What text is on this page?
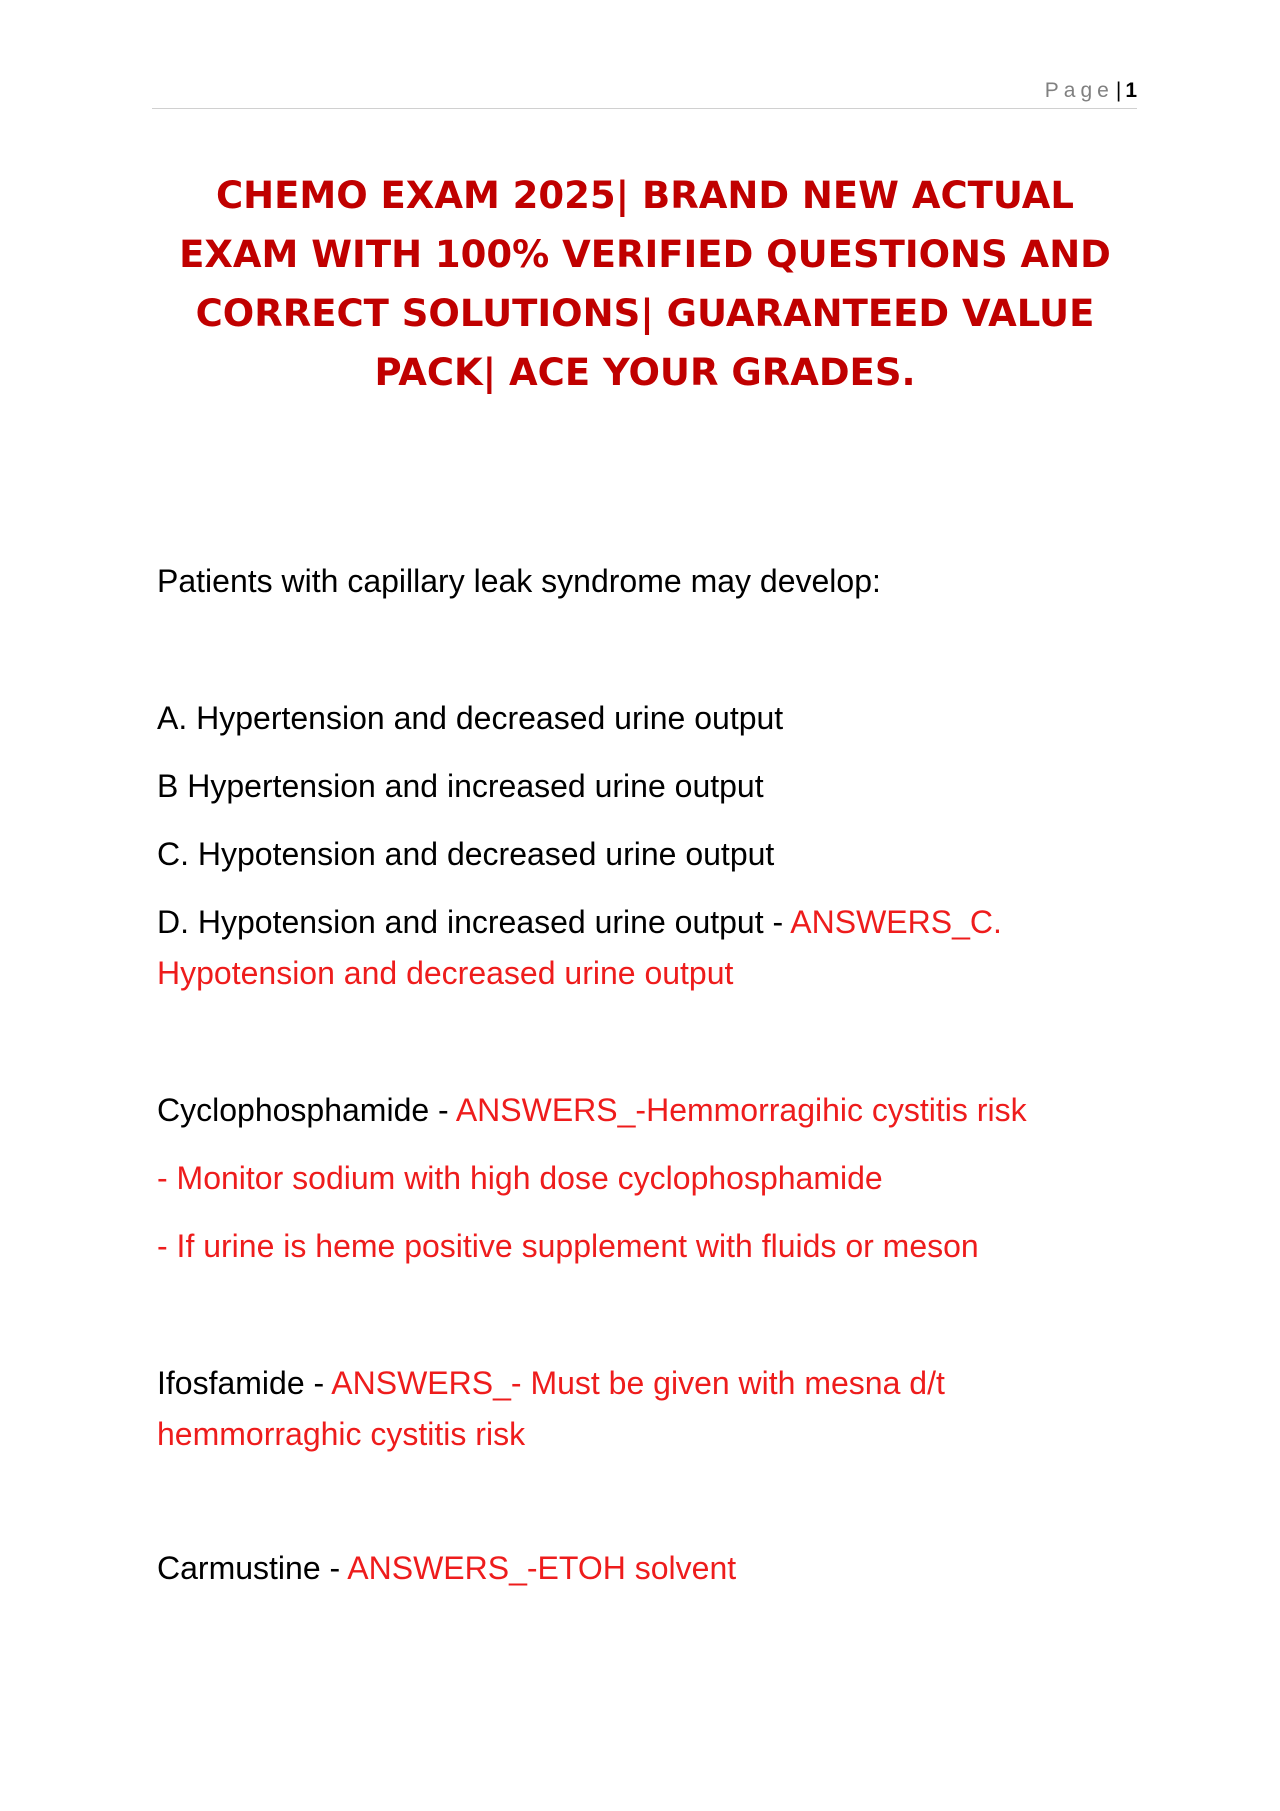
Page| 1
CHEMO EXAM 2025| BRAND NEW ACTUAL EXAM WITH 100% VERIFIED QUESTIONS AND CORRECT SOLUTIONS| GUARANTEED VALUE PACK| ACE YOUR GRADES.

Patients with capillary leak syndrome may develop:

A. Hypertension and decreased urine output

B Hypertension and increased urine output

C. Hypotension and decreased urine output

D. Hypotension and increased urine output - ANSWERS_C. Hypotension and decreased urine output

Cyclophosphamide - ANSWERS_-Hemmorragihic cystitis risk

- Monitor sodium with high dose cyclophosphamide

- If urine is heme positive supplement with fluids or meson

Ifosfamide - ANSWERS_- Must be given with mesna d/t hemmorraghic cystitis risk

Carmustine - ANSWERS_-ETOH solvent
